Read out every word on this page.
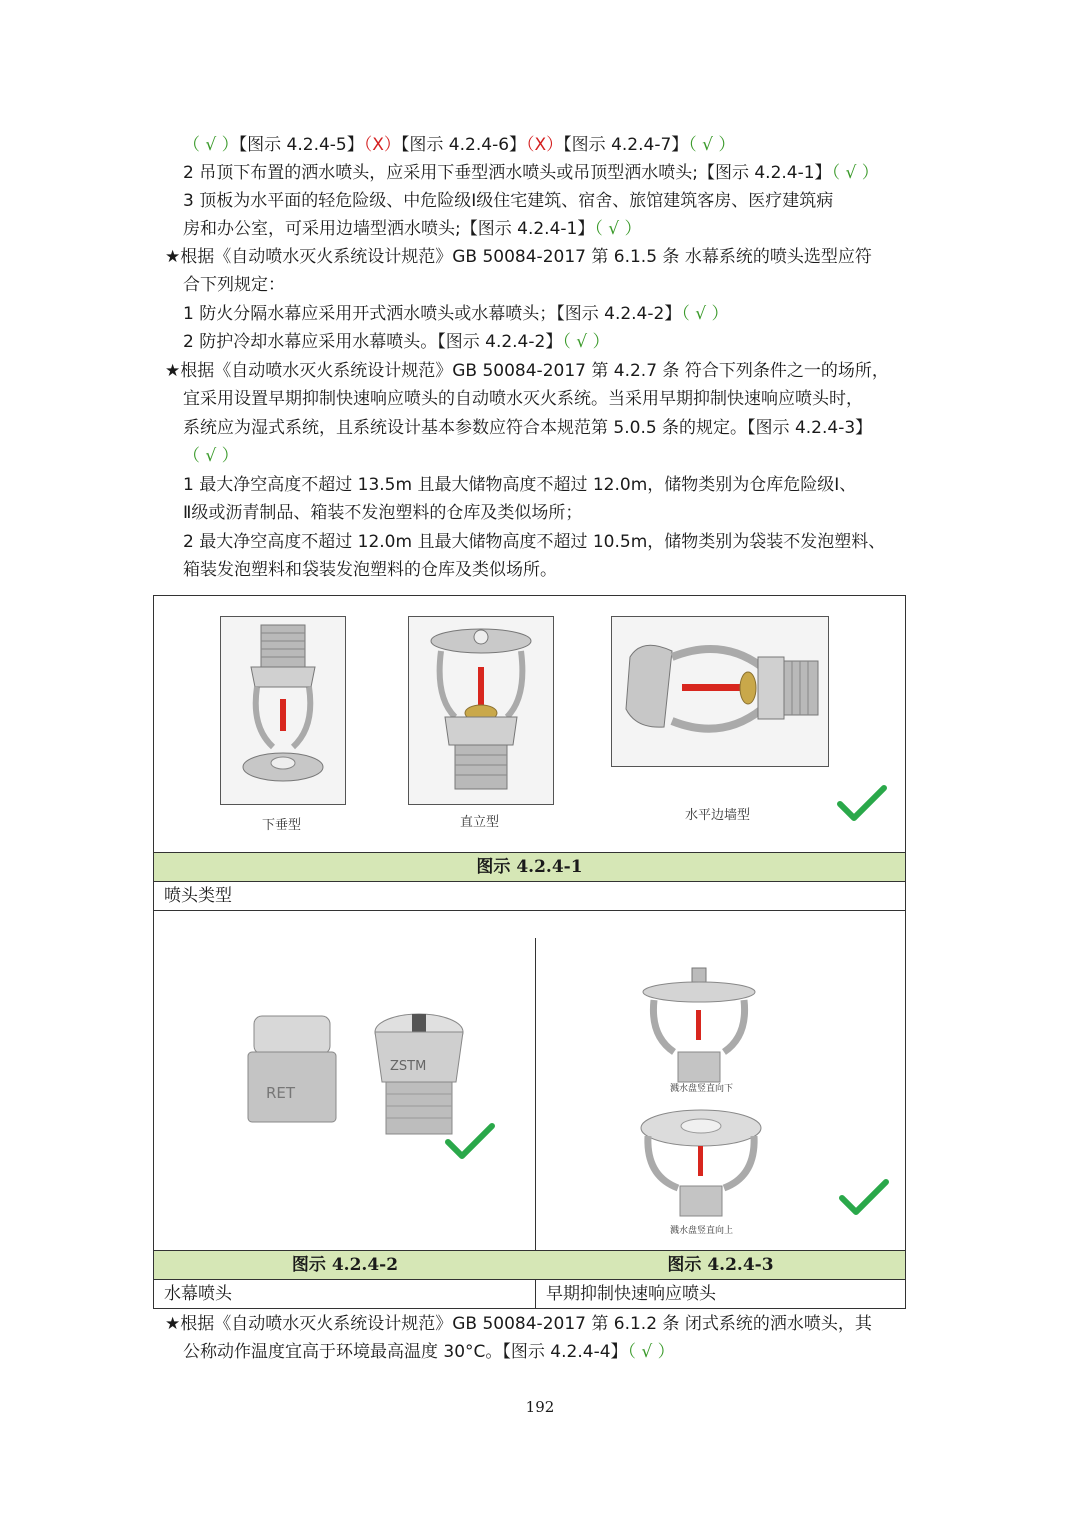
（ √ ）【图示 4.2.4-5】（X）【图示 4.2.4-6】（X）【图示 4.2.4-7】（ √ ）
2 吊顶下布置的洒水喷头，应采用下垂型洒水喷头或吊顶型洒水喷头;【图示 4.2.4-1】（ √ ）
3 顶板为水平面的轻危险级、中危险级Ⅰ级住宅建筑、宿舍、旅馆建筑客房、医疗建筑病
房和办公室，可采用边墙型洒水喷头;【图示 4.2.4-1】（ √ ）
★根据《自动喷水灭火系统设计规范》GB 50084-2017 第 6.1.5 条 水幕系统的喷头选型应符
合下列规定：
1 防火分隔水幕应采用开式洒水喷头或水幕喷头；【图示 4.2.4-2】（ √ ）
2 防护冷却水幕应采用水幕喷头。【图示 4.2.4-2】（ √ ）
★根据《自动喷水灭火系统设计规范》GB 50084-2017 第 4.2.7 条 符合下列条件之一的场所，
宜采用设置早期抑制快速响应喷头的自动喷水灭火系统。当采用早期抑制快速响应喷头时，
系统应为湿式系统，且系统设计基本参数应符合本规范第 5.0.5 条的规定。【图示 4.2.4-3】
（ √ ）
1 最大净空高度不超过 13.5m 且最大储物高度不超过 12.0m，储物类别为仓库危险级Ⅰ、
Ⅱ级或沥青制品、箱装不发泡塑料的仓库及类似场所；
2 最大净空高度不超过 12.0m 且最大储物高度不超过 10.5m，储物类别为袋装不发泡塑料、
箱装发泡塑料和袋装发泡塑料的仓库及类似场所。
下垂型	直立型	水平边墙型
图示 4.2.4-1
喷头类型
RET
ZSTM
溅水盘竖直向下
溅水盘竖直向上
图示 4.2.4-2	图示 4.2.4-3
水幕喷头	早期抑制快速响应喷头
★根据《自动喷水灭火系统设计规范》GB 50084-2017 第 6.1.2 条 闭式系统的洒水喷头，其
公称动作温度宜高于环境最高温度 30°C。【图示 4.2.4-4】（ √ ）
192
